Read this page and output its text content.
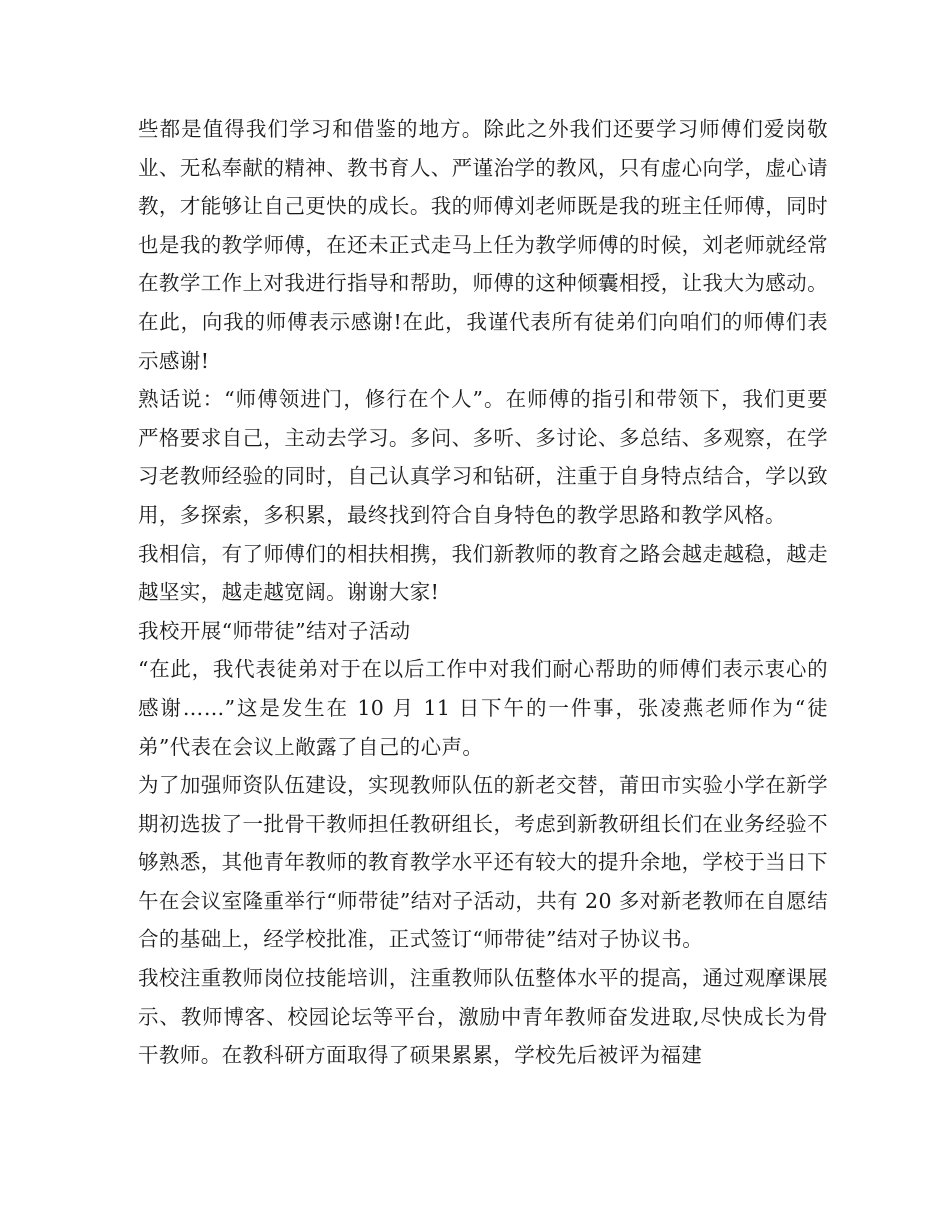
些都是值得我们学习和借鉴的地方。除此之外我们还要学习师傅们爱岗敬业、无私奉献的精神、教书育人、严谨治学的教风，只有虚心向学，虚心请教，才能够让自己更快的成长。我的师傅刘老师既是我的班主任师傅，同时也是我的教学师傅，在还未正式走马上任为教学师傅的时候，刘老师就经常在教学工作上对我进行指导和帮助，师傅的这种倾囊相授，让我大为感动。在此，向我的师傅表示感谢!在此，我谨代表所有徒弟们向咱们的师傅们表示感谢!

熟话说：“师傅领进门，修行在个人”。在师傅的指引和带领下，我们更要严格要求自己，主动去学习。多问、多听、多讨论、多总结、多观察，在学习老教师经验的同时，自己认真学习和钻研，注重于自身特点结合，学以致用，多探索，多积累，最终找到符合自身特色的教学思路和教学风格。

我相信，有了师傅们的相扶相携，我们新教师的教育之路会越走越稳，越走越坚实，越走越宽阔。谢谢大家!

我校开展“师带徒”结对子活动

“在此，我代表徒弟对于在以后工作中对我们耐心帮助的师傅们表示衷心的感谢……”这是发生在 10 月 11 日下午的一件事，张凌燕老师作为“徒弟”代表在会议上敞露了自己的心声。

为了加强师资队伍建设，实现教师队伍的新老交替，莆田市实验小学在新学期初选拔了一批骨干教师担任教研组长，考虑到新教研组长们在业务经验不够熟悉，其他青年教师的教育教学水平还有较大的提升余地，学校于当日下午在会议室隆重举行“师带徒”结对子活动，共有 20 多对新老教师在自愿结合的基础上，经学校批准，正式签订“师带徒”结对子协议书。

我校注重教师岗位技能培训，注重教师队伍整体水平的提高，通过观摩课展示、教师博客、校园论坛等平台，激励中青年教师奋发进取,尽快成长为骨干教师。在教科研方面取得了硕果累累，学校先后被评为福建
